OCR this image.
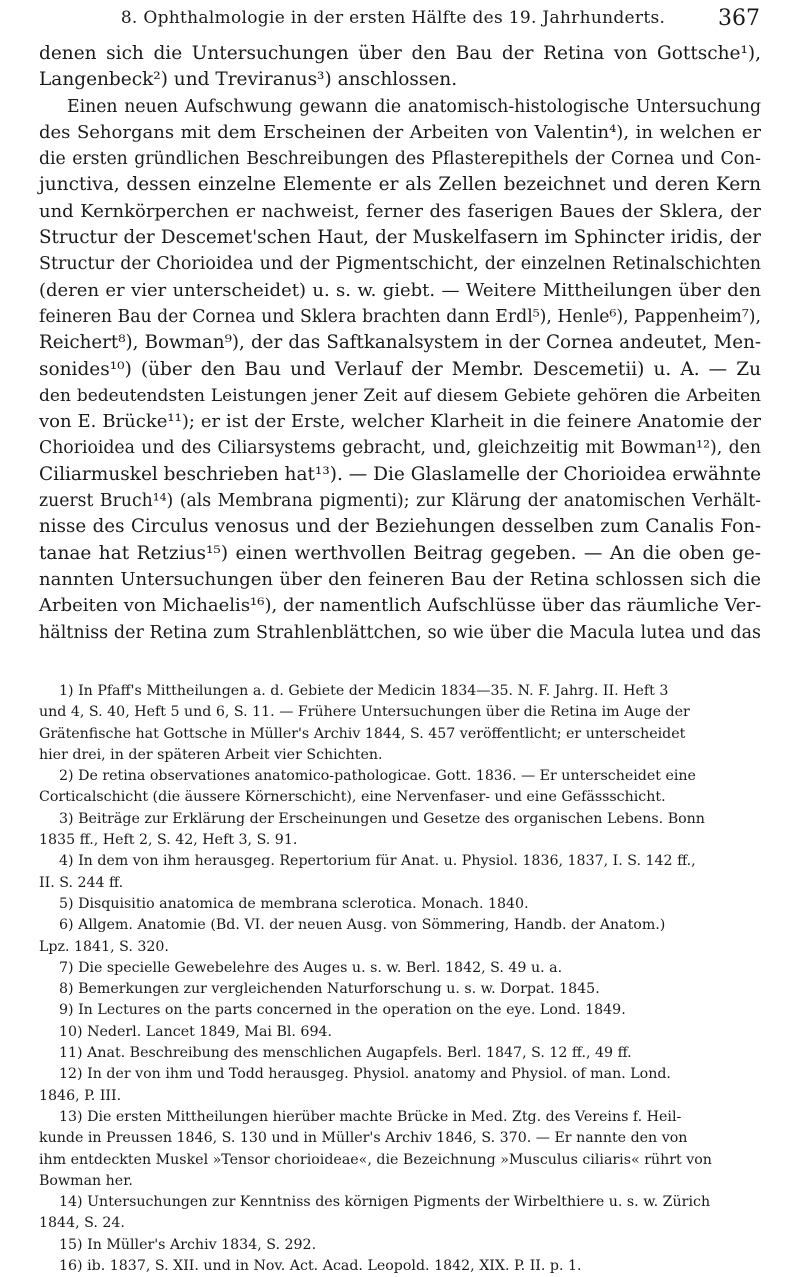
8. Ophthalmologie in der ersten Hälfte des 19. Jahrhunderts.	367
denen sich die Untersuchungen über den Bau der Retina von Gottsche¹),
Langenbeck²) und Treviranus³) anschlossen.
Einen neuen Aufschwung gewann die anatomisch-histologische Untersuchung
des Sehorgans mit dem Erscheinen der Arbeiten von Valentin⁴), in welchen er
die ersten gründlichen Beschreibungen des Pflasterepithels der Cornea und Con-
junctiva, dessen einzelne Elemente er als Zellen bezeichnet und deren Kern
und Kernkörperchen er nachweist, ferner des faserigen Baues der Sklera, der
Structur der Descemet'schen Haut, der Muskelfasern im Sphincter iridis, der
Structur der Chorioidea und der Pigmentschicht, der einzelnen Retinalschichten
(deren er vier unterscheidet) u. s. w. giebt. — Weitere Mittheilungen über den
feineren Bau der Cornea und Sklera brachten dann Erdl⁵), Henle⁶), Pappenheim⁷),
Reichert⁸), Bowman⁹), der das Saftkanalsystem in der Cornea andeutet, Men-
sonides¹⁰) (über den Bau und Verlauf der Membr. Descemetii) u. A. — Zu
den bedeutendsten Leistungen jener Zeit auf diesem Gebiete gehören die Arbeiten
von E. Brücke¹¹); er ist der Erste, welcher Klarheit in die feinere Anatomie der
Chorioidea und des Ciliarsystems gebracht, und, gleichzeitig mit Bowman¹²), den
Ciliarmuskel beschrieben hat¹³). — Die Glaslamelle der Chorioidea erwähnte
zuerst Bruch¹⁴) (als Membrana pigmenti); zur Klärung der anatomischen Verhält-
nisse des Circulus venosus und der Beziehungen desselben zum Canalis Fon-
tanae hat Retzius¹⁵) einen werthvollen Beitrag gegeben. — An die oben ge-
nannten Untersuchungen über den feineren Bau der Retina schlossen sich die
Arbeiten von Michaelis¹⁶), der namentlich Aufschlüsse über das räumliche Ver-
hältniss der Retina zum Strahlenblättchen, so wie über die Macula lutea und das
1) In Pfaff's Mittheilungen a. d. Gebiete der Medicin 1834—35. N. F. Jahrg. II. Heft 3
und 4, S. 40, Heft 5 und 6, S. 11. — Frühere Untersuchungen über die Retina im Auge der
Grätenfische hat Gottsche in Müller's Archiv 1844, S. 457 veröffentlicht; er unterscheidet
hier drei, in der späteren Arbeit vier Schichten.
2) De retina observationes anatomico-pathologicae. Gott. 1836. — Er unterscheidet eine
Corticalschicht (die äussere Körnerschicht), eine Nervenfaser- und eine Gefässschicht.
3) Beiträge zur Erklärung der Erscheinungen und Gesetze des organischen Lebens. Bonn
1835 ff., Heft 2, S. 42, Heft 3, S. 91.
4) In dem von ihm herausgeg. Repertorium für Anat. u. Physiol. 1836, 1837, I. S. 142 ff.,
II. S. 244 ff.
5) Disquisitio anatomica de membrana sclerotica. Monach. 1840.
6) Allgem. Anatomie (Bd. VI. der neuen Ausg. von Sömmering, Handb. der Anatom.)
Lpz. 1841, S. 320.
7) Die specielle Gewebelehre des Auges u. s. w. Berl. 1842, S. 49 u. a.
8) Bemerkungen zur vergleichenden Naturforschung u. s. w. Dorpat. 1845.
9) In Lectures on the parts concerned in the operation on the eye. Lond. 1849.
10) Nederl. Lancet 1849, Mai Bl. 694.
11) Anat. Beschreibung des menschlichen Augapfels. Berl. 1847, S. 12 ff., 49 ff.
12) In der von ihm und Todd herausgeg. Physiol. anatomy and Physiol. of man. Lond.
1846, P. III.
13) Die ersten Mittheilungen hierüber machte Brücke in Med. Ztg. des Vereins f. Heil-
kunde in Preussen 1846, S. 130 und in Müller's Archiv 1846, S. 370. — Er nannte den von
ihm entdeckten Muskel »Tensor chorioideae«, die Bezeichnung »Musculus ciliaris« rührt von
Bowman her.
14) Untersuchungen zur Kenntniss des körnigen Pigments der Wirbelthiere u. s. w. Zürich
1844, S. 24.
15) In Müller's Archiv 1834, S. 292.
16) ib. 1837, S. XII. und in Nov. Act. Acad. Leopold. 1842, XIX. P. II. p. 1.
